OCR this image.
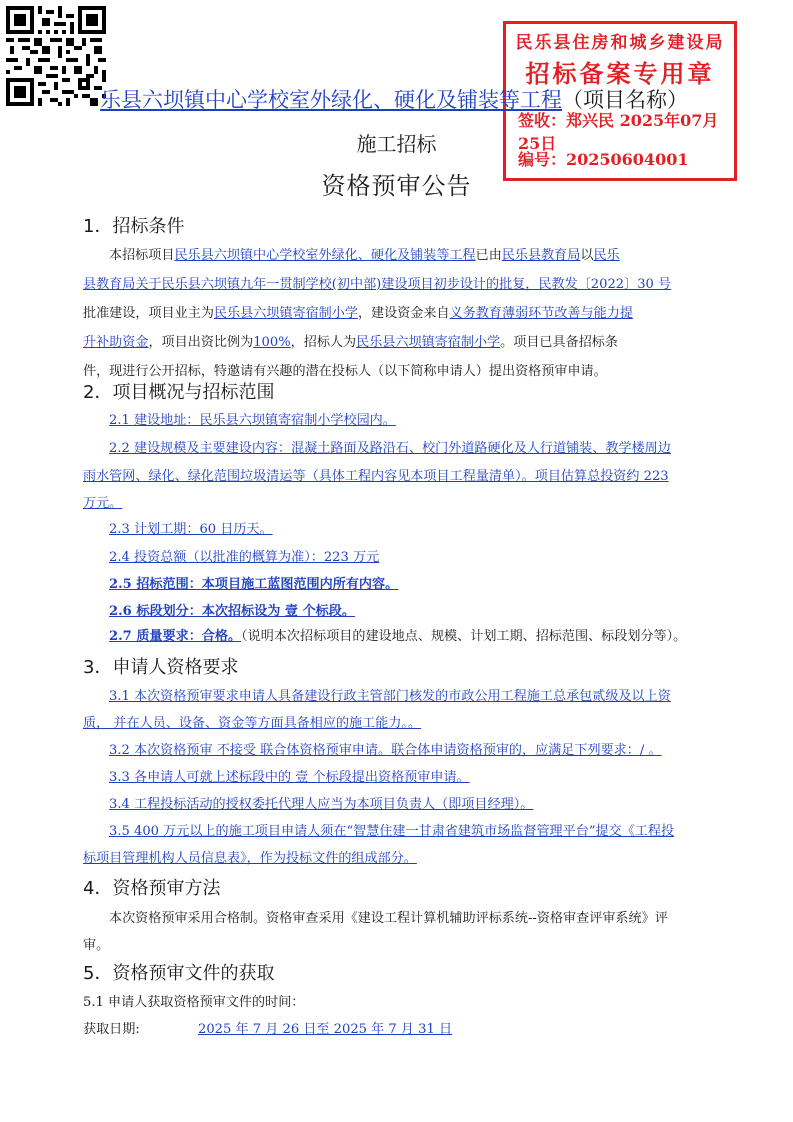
民乐县住房和城乡建设局
招标备案专用章
签收：郑兴民 2025年07月25日
编号：20250604001
乐县六坝镇中心学校室外绿化、硬化及铺装等工程（项目名称）
施工招标
资格预审公告
1．招标条件
本招标项目民乐县六坝镇中心学校室外绿化、硬化及铺装等工程已由民乐县教育局以民乐
县教育局关于民乐县六坝镇九年一贯制学校(初中部)建设项目初步设计的批复，民教发〔2022〕30 号
批准建设，项目业主为民乐县六坝镇寄宿制小学，建设资金来自义务教育薄弱环节改善与能力提
升补助资金，项目出资比例为100%，招标人为民乐县六坝镇寄宿制小学。项目已具备招标条
件，现进行公开招标，特邀请有兴趣的潜在投标人（以下简称申请人）提出资格预审申请。
2．项目概况与招标范围
2.1 建设地址：民乐县六坝镇寄宿制小学校园内。
2.2 建设规模及主要建设内容：混凝土路面及路沿石、校门外道路硬化及人行道铺装、教学楼周边
雨水管网、绿化、绿化范围垃圾清运等（具体工程内容见本项目工程量清单）。项目估算总投资约 223
万元。
2.3 计划工期：60 日历天。
2.4 投资总额（以批准的概算为准）：223 万元
2.5 招标范围：本项目施工蓝图范围内所有内容。
2.6 标段划分：本次招标设为 壹 个标段。
2.7 质量要求：合格。（说明本次招标项目的建设地点、规模、计划工期、招标范围、标段划分等）。
3．申请人资格要求
3.1 本次资格预审要求申请人具备建设行政主管部门核发的市政公用工程施工总承包贰级及以上资
质， 并在人员、设备、资金等方面具备相应的施工能力。。
3.2 本次资格预审 不接受 联合体资格预审申请。联合体申请资格预审的，应满足下列要求：/ 。
3.3 各申请人可就上述标段中的 壹 个标段提出资格预审申请。
3.4 工程投标活动的授权委托代理人应当为本项目负责人（即项目经理）。
3.5 400 万元以上的施工项目申请人须在“智慧住建一甘肃省建筑市场监督管理平台”提交《工程投
标项目管理机构人员信息表》，作为投标文件的组成部分。
4．资格预审方法
本次资格预审采用合格制。资格审查采用《建设工程计算机辅助评标系统--资格审查评审系统》评
审。
5．资格预审文件的获取
5.1 申请人获取资格预审文件的时间：
获取日期:	2025 年 7 月 26 日至 2025 年 7 月 31 日
